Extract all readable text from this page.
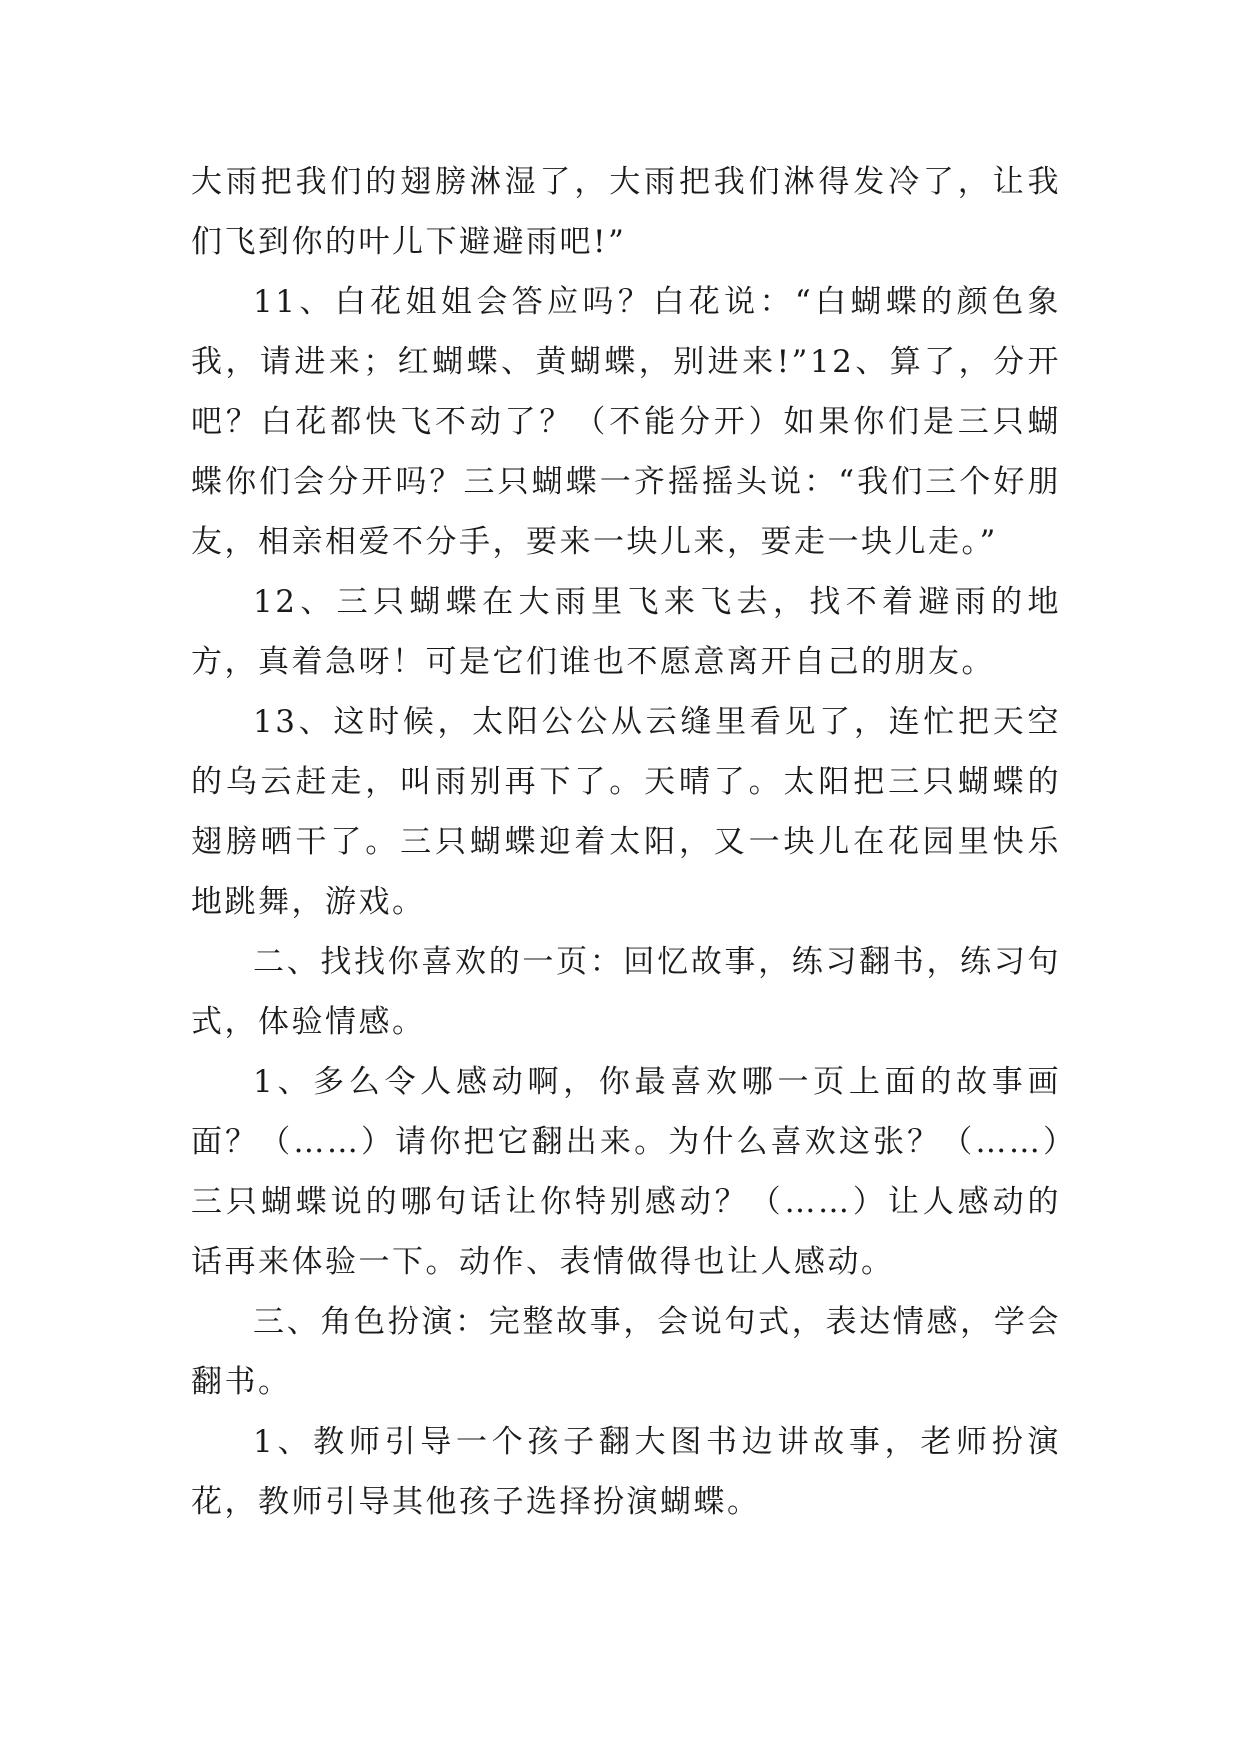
大雨把我们的翅膀淋湿了，大雨把我们淋得发冷了，让我们飞到你的叶儿下避避雨吧!”

11、白花姐姐会答应吗？白花说：“白蝴蝶的颜色象我，请进来；红蝴蝶、黄蝴蝶，别进来!”12、算了，分开吧？白花都快飞不动了？（不能分开）如果你们是三只蝴蝶你们会分开吗？三只蝴蝶一齐摇摇头说：“我们三个好朋友，相亲相爱不分手，要来一块儿来，要走一块儿走。”

12、三只蝴蝶在大雨里飞来飞去，找不着避雨的地方，真着急呀！可是它们谁也不愿意离开自己的朋友。

13、这时候，太阳公公从云缝里看见了，连忙把天空的乌云赶走，叫雨别再下了。天晴了。太阳把三只蝴蝶的翅膀晒干了。三只蝴蝶迎着太阳，又一块儿在花园里快乐地跳舞，游戏。

二、找找你喜欢的一页：回忆故事，练习翻书，练习句式，体验情感。

1、多么令人感动啊，你最喜欢哪一页上面的故事画面？（……）请你把它翻出来。为什么喜欢这张？（……）三只蝴蝶说的哪句话让你特别感动？（……）让人感动的话再来体验一下。动作、表情做得也让人感动。

三、角色扮演：完整故事，会说句式，表达情感，学会翻书。

1、教师引导一个孩子翻大图书边讲故事，老师扮演花，教师引导其他孩子选择扮演蝴蝶。
